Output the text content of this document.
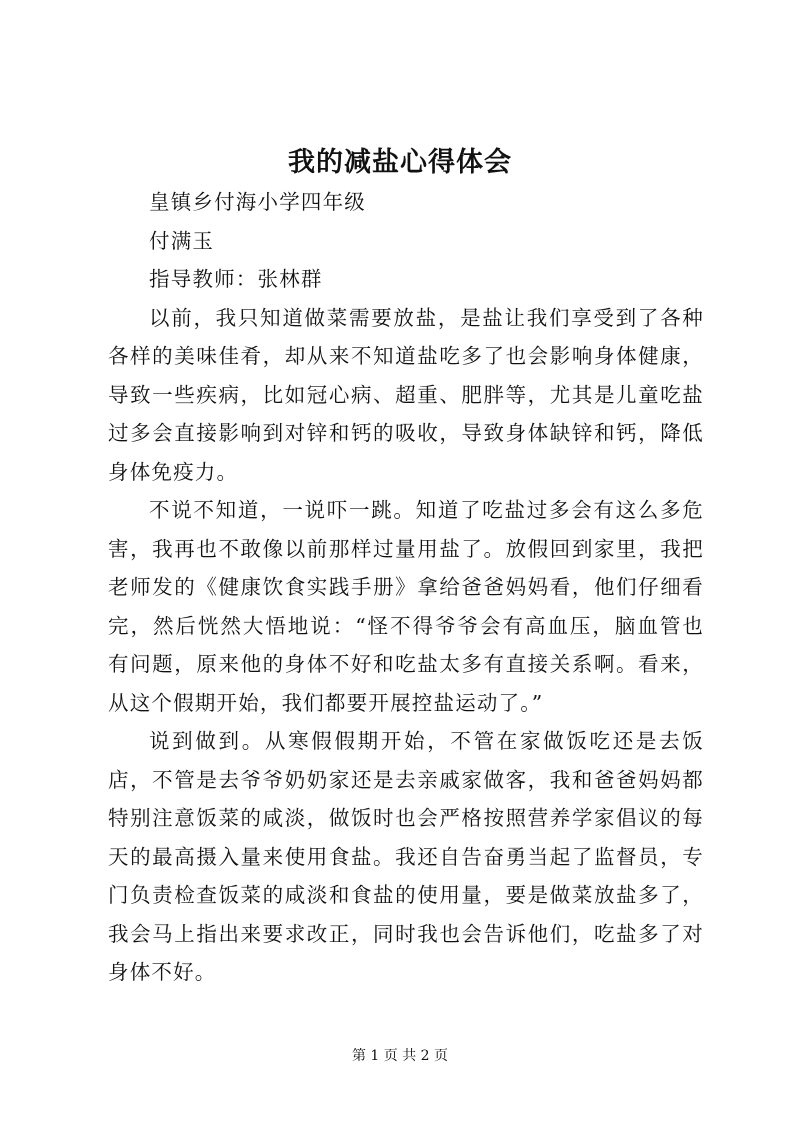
我的减盐心得体会

皇镇乡付海小学四年级

付满玉

指导教师：张林群

以前，我只知道做菜需要放盐，是盐让我们享受到了各种各样的美味佳肴，却从来不知道盐吃多了也会影响身体健康，导致一些疾病，比如冠心病、超重、肥胖等，尤其是儿童吃盐过多会直接影响到对锌和钙的吸收，导致身体缺锌和钙，降低身体免疫力。

不说不知道，一说吓一跳。知道了吃盐过多会有这么多危害，我再也不敢像以前那样过量用盐了。放假回到家里，我把老师发的《健康饮食实践手册》拿给爸爸妈妈看，他们仔细看完，然后恍然大悟地说：“怪不得爷爷会有高血压，脑血管也有问题，原来他的身体不好和吃盐太多有直接关系啊。看来，从这个假期开始，我们都要开展控盐运动了。”

说到做到。从寒假假期开始，不管在家做饭吃还是去饭店，不管是去爷爷奶奶家还是去亲戚家做客，我和爸爸妈妈都特别注意饭菜的咸淡，做饭时也会严格按照营养学家倡议的每天的最高摄入量来使用食盐。我还自告奋勇当起了监督员，专门负责检查饭菜的咸淡和食盐的使用量，要是做菜放盐多了，我会马上指出来要求改正，同时我也会告诉他们，吃盐多了对身体不好。

第 1 页 共 2 页
